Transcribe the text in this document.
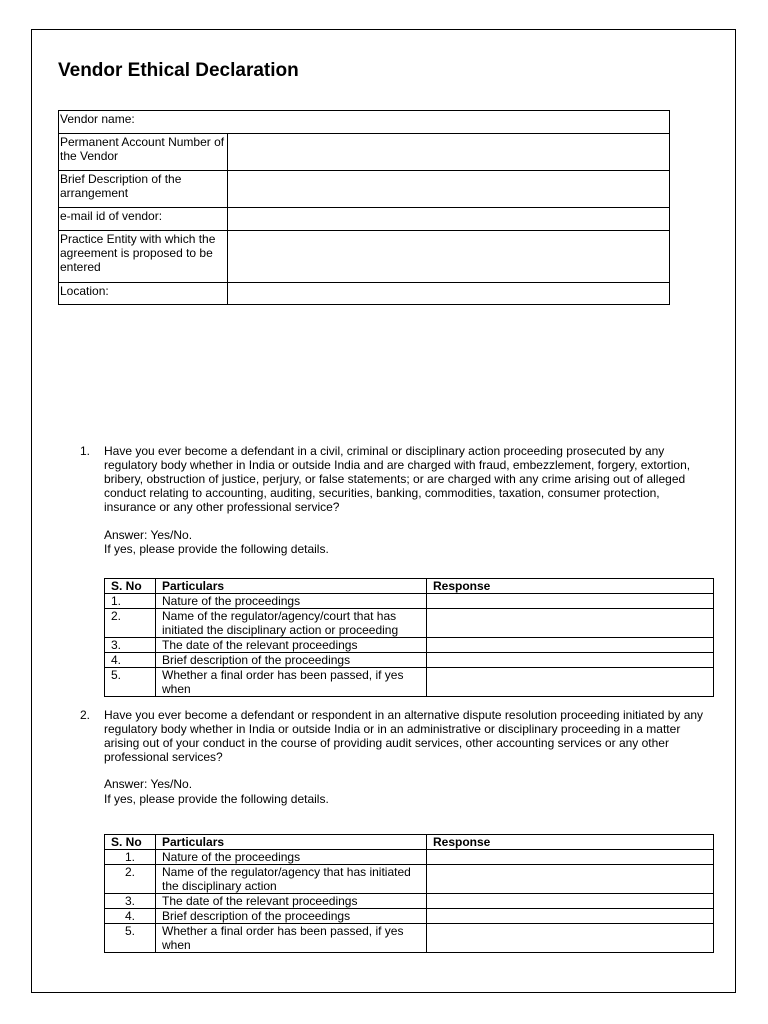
Vendor Ethical Declaration
Vendor name:	
Permanent Account Number of the Vendor	
Brief Description of the arrangement	
e-mail id of vendor:	
Practice Entity with which the agreement is proposed to be entered	
Location:	
1. Have you ever become a defendant in a civil, criminal or disciplinary action proceeding prosecuted by any regulatory body whether in India or outside India and are charged with fraud, embezzlement, forgery, extortion, bribery, obstruction of justice, perjury, or false statements; or are charged with any crime arising out of alleged conduct relating to accounting, auditing, securities, banking, commodities, taxation, consumer protection, insurance or any other professional service?
Answer: Yes/No.
If yes, please provide the following details.
S. No	Particulars	Response
1.	Nature of the proceedings	
2.	Name of the regulator/agency/court that has initiated the disciplinary action or proceeding	
3.	The date of the relevant proceedings	
4.	Brief description of the proceedings	
5.	Whether a final order has been passed, if yes when	
2. Have you ever become a defendant or respondent in an alternative dispute resolution proceeding initiated by any regulatory body whether in India or outside India or in an administrative or disciplinary proceeding in a matter arising out of your conduct in the course of providing audit services, other accounting services or any other professional services?
Answer: Yes/No.
If yes, please provide the following details.
S. No	Particulars	Response
1.	Nature of the proceedings	
2.	Name of the regulator/agency that has initiated the disciplinary action	
3.	The date of the relevant proceedings	
4.	Brief description of the proceedings	
5.	Whether a final order has been passed, if yes when	
